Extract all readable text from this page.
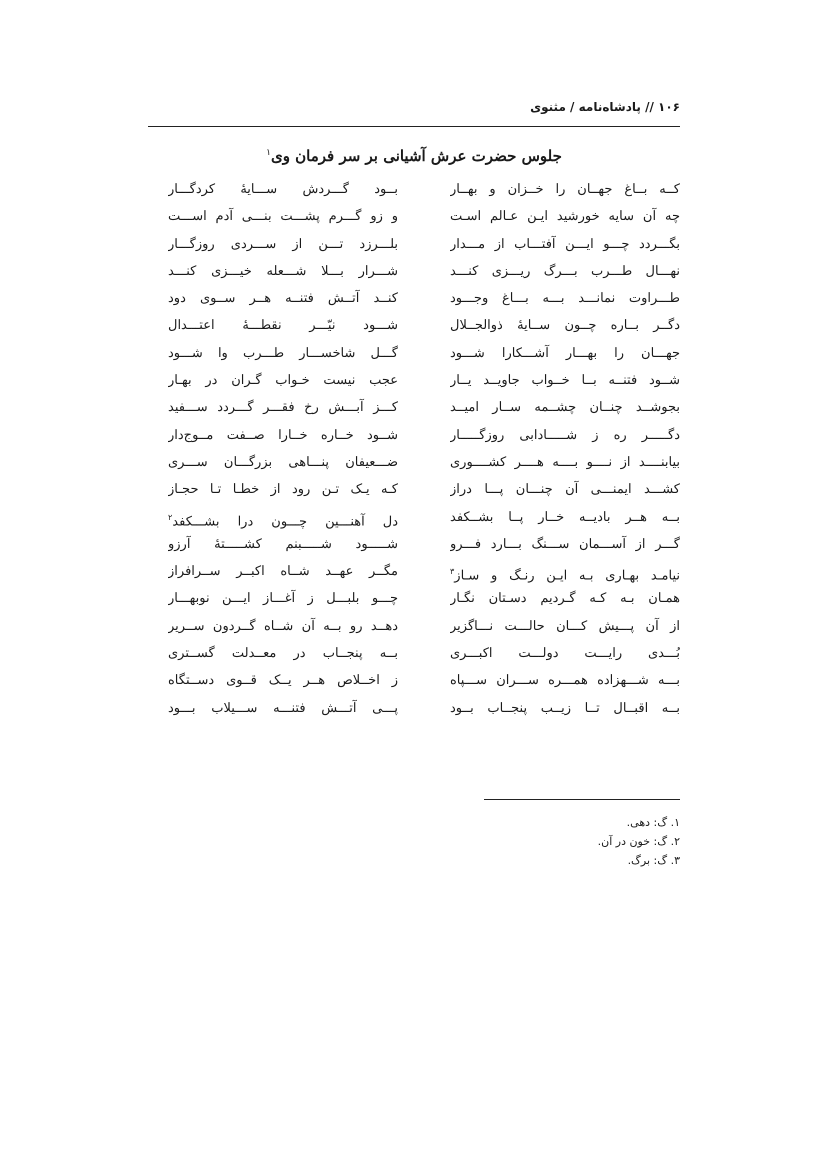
۱۰۶ // پادشاه‌نامه / مثنوی
جلوس حضرت عرش آشیانی بر سر فرمان وی$^۱$
کــه بــاغ جهــان را خــزان و بهــار
بــود گـــردش ســـایهٔ کردگـــار
چه آن سایه خورشید ایـن عـالم اسـت
و زو گـــرم پشـــت بنـــی آدم اســـت
بگـــردد چـــو ایـــن آفتـــاب از مـــدار
بلـــرزد تـــن از ســـردی روزگـــار
نهـــال طـــرب بـــرگ ریـــزی کنـــد
شـــرار بـــلا شـــعله خیـــزی کنـــد
طـــراوت نمانـــد بـــه بـــاغ وجـــود
کنــد آتــش فتنــه هــر ســوی دود
دگــر بــاره چــون ســایهٔ ذوالجــلال
شـــود نیّـــر نقطـــهٔ اعتـــدال
جهـــان را بهـــار آشـــکارا شـــود
گـــل شاخســـار طـــرب وا شـــود
شــود فتنــه بــا خــواب جاویــد یــار
عجب نیست خـواب گـران در بهـار
بجوشــد چنــان چشــمه ســار امیــد
کـــز آبـــش رخ فقـــر گـــردد ســـفید
دگـــــر ره ز شـــــادابی روزگـــــار
شــود خــاره خــارا صــفت مــوج‌دار
بیابنــــد از نــــو بــــه هــــر کشــــوری
ضـــعیفان پنـــاهی بزرگـــان ســـری
کشـــد ایمنـــی آن چنـــان پـــا دراز
کـه یـک تـن رود از خطـا تـا حجـاز
بــه هــر بادیــه خــار پــا بشــکفد
دل آهنـــین چـــون درا بشـــکفد$^۲$
گـــر از آســـمان ســـنگ بـــارد فـــرو
شـــــود شـــــبنم کشـــــتهٔ آرزو
نیامـد بهـاری بـه ایـن رنـگ و سـاز$^۳$
مگــر عهــد شــاه اکبــر ســرافراز
همـان بـه کـه گـردیم دسـتان نگـار
چـــو بلبـــل ز آغـــاز ایـــن نوبهـــار
از آن پـــیش کـــان حالـــت نـــاگزیر
دهــد رو بــه آن شــاه گــردون ســریر
بُـــدی رایـــت دولـــت اکبـــری
بــه پنجــاب در معــدلت گســتری
بـــه شـــهزاده همـــره ســـران ســـپاه
ز اخــلاص هــر یــک قــوی دســتگاه
بــه اقبــال تــا زیــب پنجــاب بــود
پـــی آتـــش فتنـــه ســـیلاب بـــود
۱. گ: دهی.
۲. گ: خون در آن.
۳. گ: برگ.
